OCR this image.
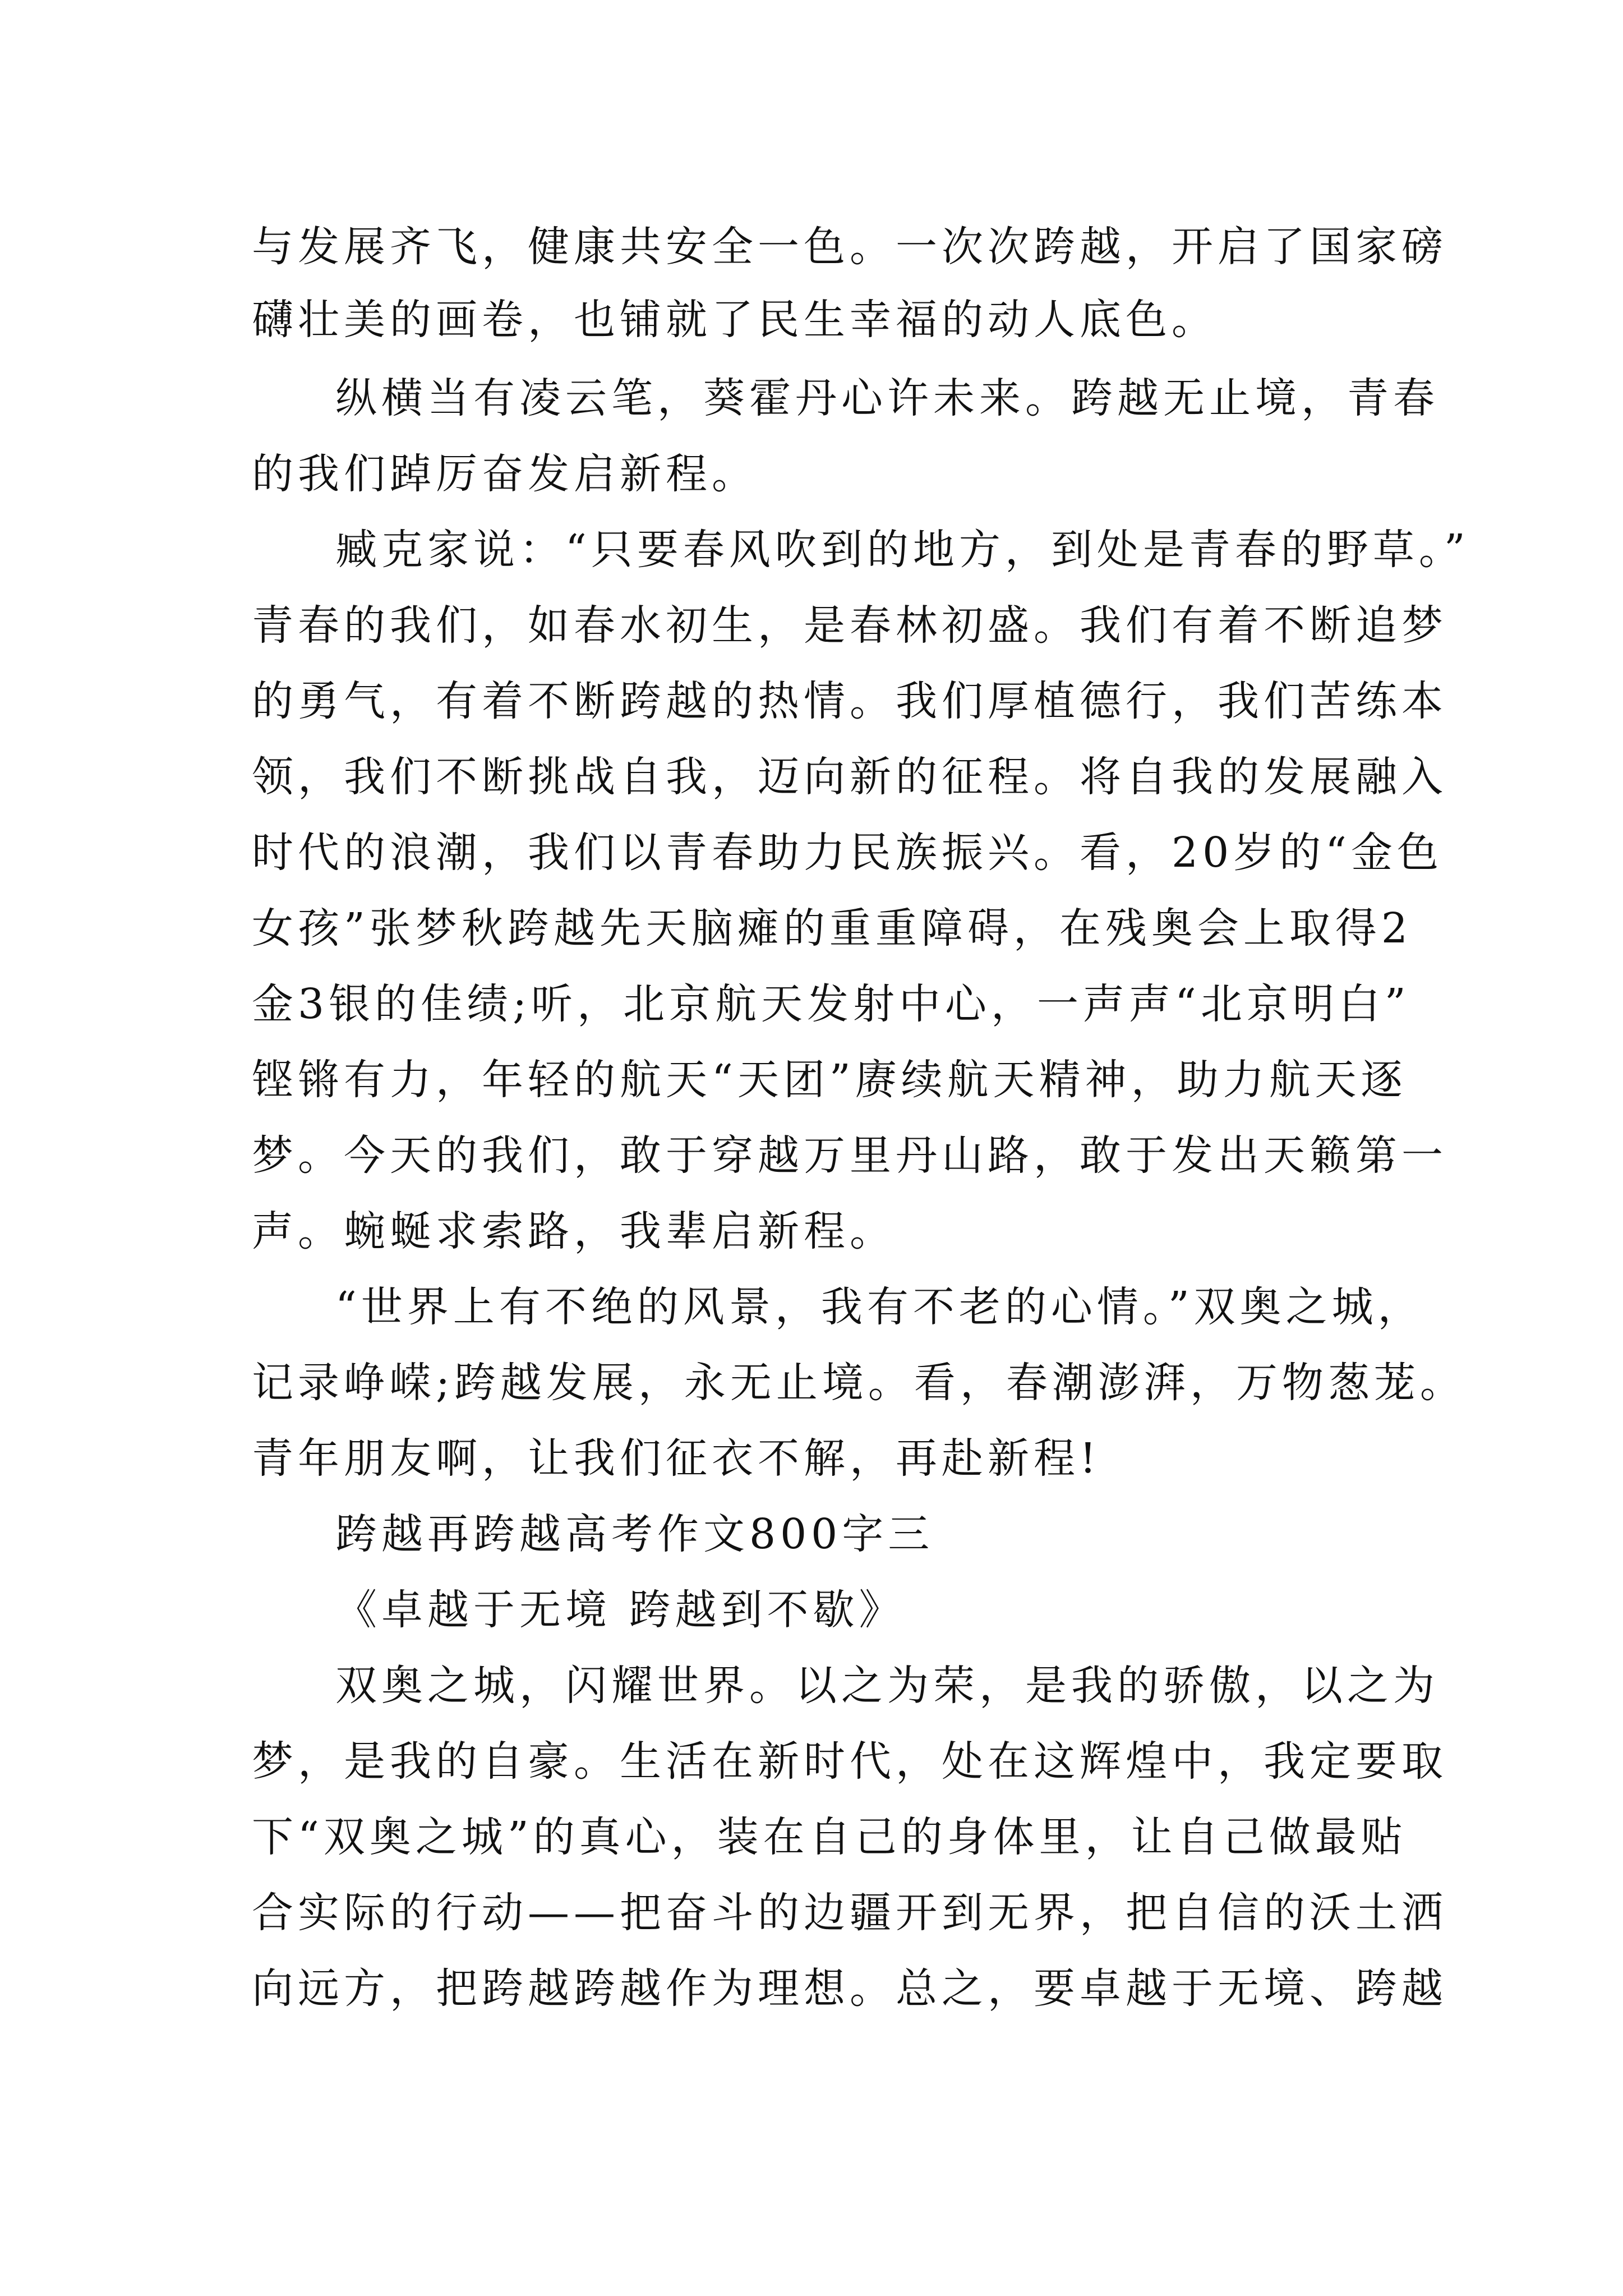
与发展齐飞，健康共安全一色。一次次跨越，开启了国家磅
礴壮美的画卷，也铺就了民生幸福的动人底色。
纵横当有凌云笔，葵霍丹心许未来。跨越无止境，青春
的我们踔厉奋发启新程。
臧克家说：“只要春风吹到的地方，到处是青春的野草。”
青春的我们，如春水初生，是春林初盛。我们有着不断追梦
的勇气，有着不断跨越的热情。我们厚植德行，我们苦练本
领，我们不断挑战自我，迈向新的征程。将自我的发展融入
时代的浪潮，我们以青春助力民族振兴。看，20岁的“金色
女孩”张梦秋跨越先天脑瘫的重重障碍，在残奥会上取得2
金3银的佳绩;听，北京航天发射中心，一声声“北京明白”
铿锵有力，年轻的航天“天团”赓续航天精神，助力航天逐
梦。今天的我们，敢于穿越万里丹山路，敢于发出天籁第一
声。蜿蜒求索路，我辈启新程。
“世界上有不绝的风景，我有不老的心情。”双奥之城，
记录峥嵘;跨越发展，永无止境。看，春潮澎湃，万物葱茏。
青年朋友啊，让我们征衣不解，再赴新程!
跨越再跨越高考作文800字三
《卓越于无境 跨越到不歇》
双奥之城，闪耀世界。以之为荣，是我的骄傲，以之为
梦，是我的自豪。生活在新时代，处在这辉煌中，我定要取
下“双奥之城”的真心，装在自己的身体里，让自己做最贴
合实际的行动——把奋斗的边疆开到无界，把自信的沃土洒
向远方，把跨越跨越作为理想。总之，要卓越于无境、跨越
